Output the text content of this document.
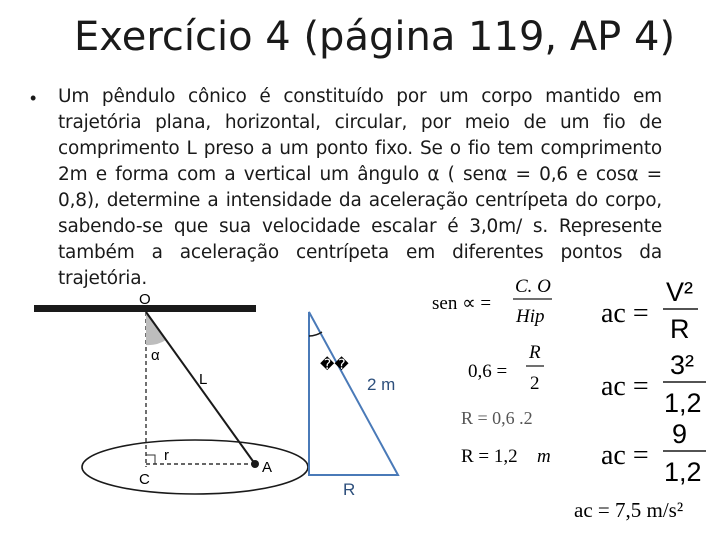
Exercício 4 (página 119, AP 4)
• Um pêndulo cônico é constituído por um corpo mantido em trajetória plana, horizontal, circular, por meio de um fio de comprimento L preso a um ponto fixo. Se o fio tem comprimento 2m e forma com a vertical um ângulo α ( senα = 0,6 e cosα = 0,8), determine a intensidade da aceleração centrípeta do corpo, sabendo-se que sua velocidade escalar é 3,0m/ s. Represente também a aceleração centrípeta em diferentes pontos da trajetória.
O
α
L
r
A
C
��
2 m
R
sen ∝ =
C. O
Hip
0,6 =
R
2
R = 0,6 .2
R = 1,2 m
ac =
V²
R
ac =
3²
1,2
ac =
9
1,2
ac = 7,5 m/s²
